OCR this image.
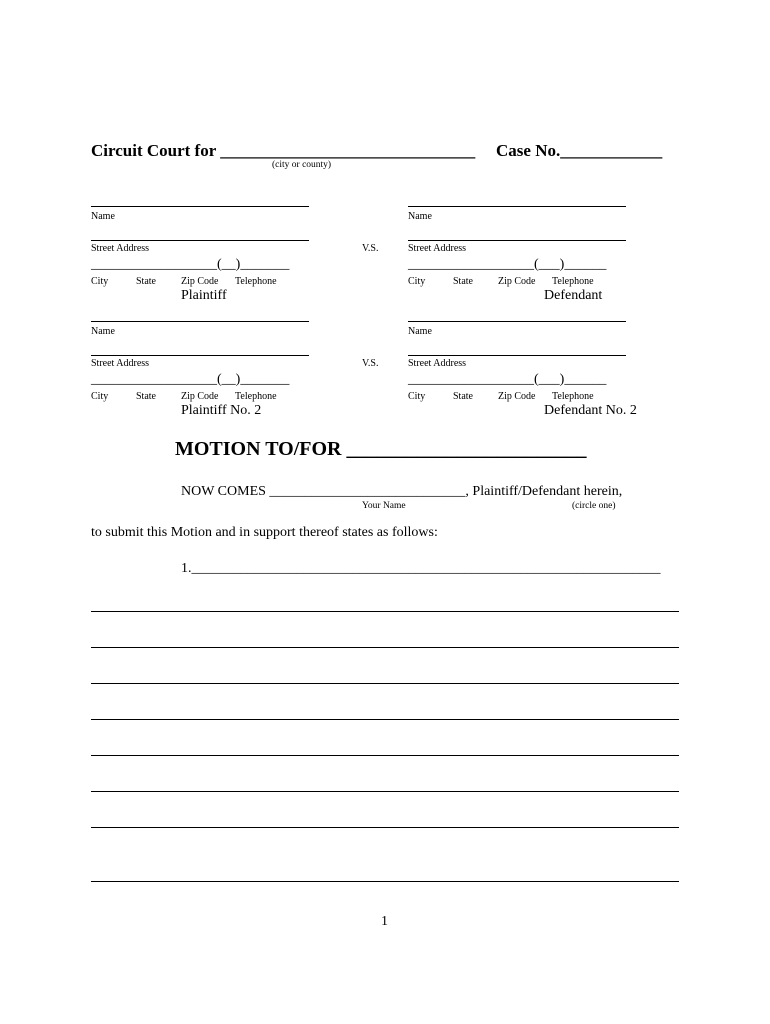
Circuit Court for ______________________________ Case No.____________
(city or county)
Name	Name
Street Address	V.S.	Street Address
__________________(__)_______	__________________(___)______
City	State	Zip Code Telephone	City	State	Zip Code Telephone
Plaintiff	Defendant
Name	Name
Street Address	V.S.	Street Address
__________________(__)_______	__________________(___)______
City	State	Zip Code Telephone	City	State	Zip Code Telephone
Plaintiff No. 2	Defendant No. 2
MOTION TO/FOR ________________________
NOW COMES ____________________________, Plaintiff/Defendant herein,
Your Name	(circle one)
to submit this Motion and in support thereof states as follows:
1.___________________________________________________________________
1
